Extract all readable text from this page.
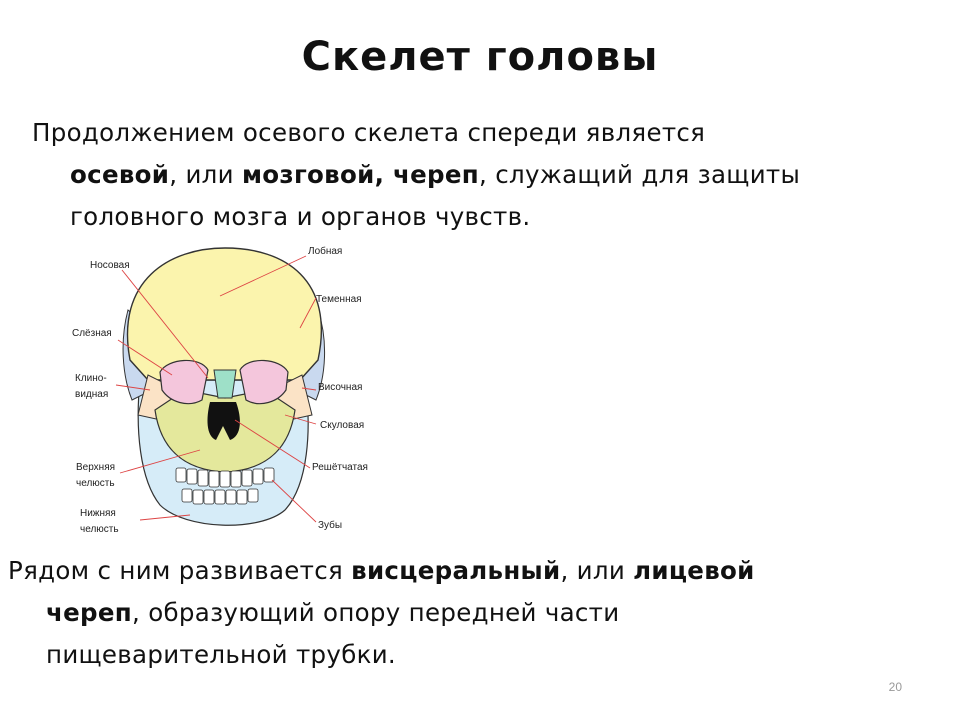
Скелет головы
Продолжением осевого скелета спереди является
осевой, или мозговой, череп, служащий для защиты
головного мозга и органов чувств.
Носовая
Лобная
Теменная
Слёзная
Клино-
видная
Височная
Скуловая
Верхняя
челюсть
Решётчатая
Нижняя
челюсть	Зубы
Рядом с ним развивается висцеральный, или лицевой
череп, образующий опору передней части
пищеварительной трубки.
20
